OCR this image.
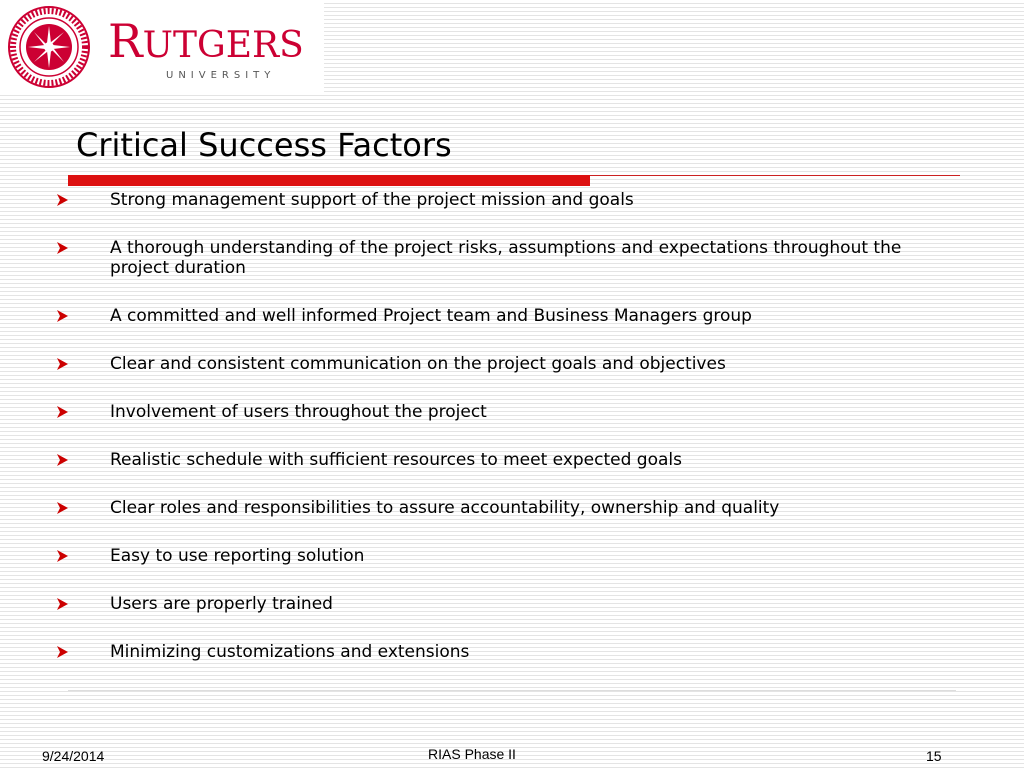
RUTGERS
UNIVERSITY
Critical Success Factors
Strong management support of the project mission and goals
A thorough understanding of the project risks, assumptions and expectations throughout the project duration
A committed and well informed Project team and Business Managers group
Clear and consistent communication on the project goals and objectives
Involvement of users throughout the project
Realistic schedule with sufficient resources to meet expected goals
Clear roles and responsibilities to assure accountability, ownership and quality
Easy to use reporting solution
Users are properly trained
Minimizing customizations and extensions
9/24/2014	RIAS Phase II	15
